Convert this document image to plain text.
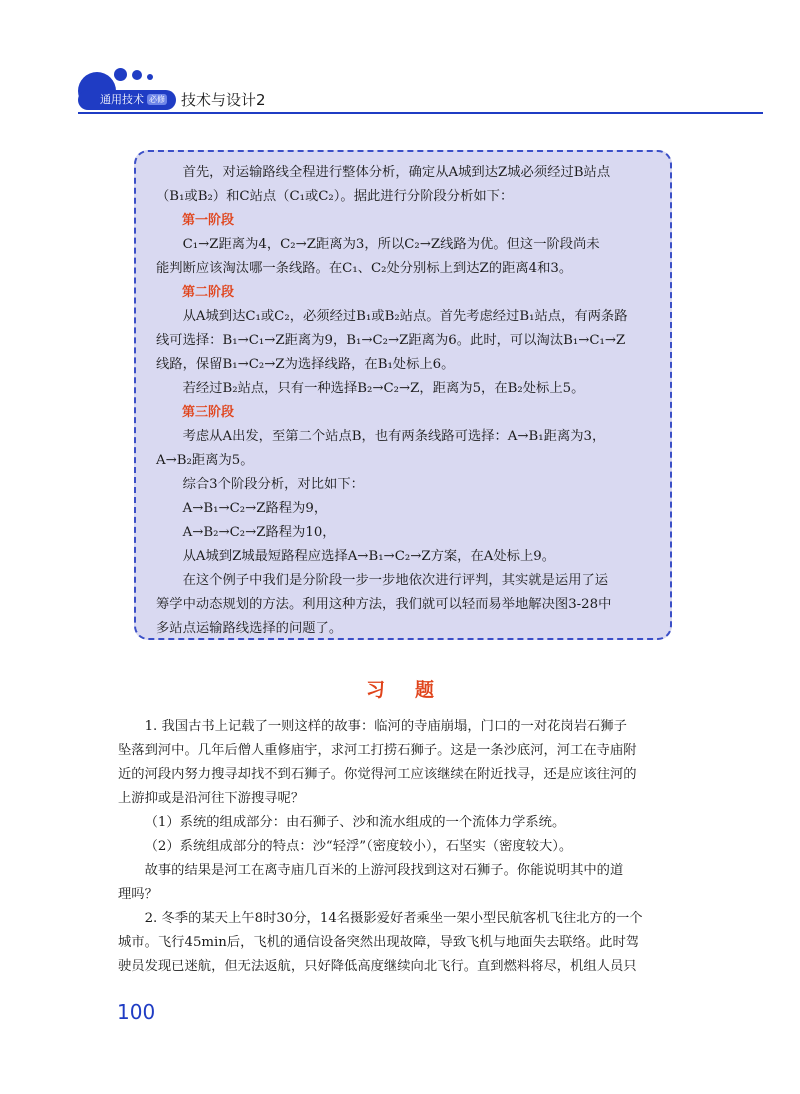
通用技术 必修	技术与设计2

首先，对运输路线全程进行整体分析，确定从A城到达Z城必须经过B站点

（B₁或B₂）和C站点（C₁或C₂）。据此进行分阶段分析如下：

第一阶段

C₁→Z距离为4，C₂→Z距离为3，所以C₂→Z线路为优。但这一阶段尚未

能判断应该淘汰哪一条线路。在C₁、C₂处分别标上到达Z的距离4和3。

第二阶段

从A城到达C₁或C₂，必须经过B₁或B₂站点。首先考虑经过B₁站点，有两条路

线可选择：B₁→C₁→Z距离为9，B₁→C₂→Z距离为6。此时，可以淘汰B₁→C₁→Z

线路，保留B₁→C₂→Z为选择线路，在B₁处标上6。

若经过B₂站点，只有一种选择B₂→C₂→Z，距离为5，在B₂处标上5。

第三阶段

考虑从A出发，至第二个站点B，也有两条线路可选择：A→B₁距离为3，

A→B₂距离为5。

综合3个阶段分析，对比如下：

A→B₁→C₂→Z路程为9，

A→B₂→C₂→Z路程为10，

从A城到Z城最短路程应选择A→B₁→C₂→Z方案，在A处标上9。

在这个例子中我们是分阶段一步一步地依次进行评判，其实就是运用了运

筹学中动态规划的方法。利用这种方法，我们就可以轻而易举地解决图3-28中

多站点运输路线选择的问题了。

习题

1. 我国古书上记载了一则这样的故事：临河的寺庙崩塌，门口的一对花岗岩石狮子

坠落到河中。几年后僧人重修庙宇，求河工打捞石狮子。这是一条沙底河，河工在寺庙附

近的河段内努力搜寻却找不到石狮子。你觉得河工应该继续在附近找寻，还是应该往河的

上游抑或是沿河往下游搜寻呢？

（1）系统的组成部分：由石狮子、沙和流水组成的一个流体力学系统。

（2）系统组成部分的特点：沙“轻浮”（密度较小），石坚实（密度较大）。

故事的结果是河工在离寺庙几百米的上游河段找到这对石狮子。你能说明其中的道

理吗？

2. 冬季的某天上午8时30分，14名摄影爱好者乘坐一架小型民航客机飞往北方的一个

城市。飞行45min后，飞机的通信设备突然出现故障，导致飞机与地面失去联络。此时驾

驶员发现已迷航，但无法返航，只好降低高度继续向北飞行。直到燃料将尽，机组人员只

100
